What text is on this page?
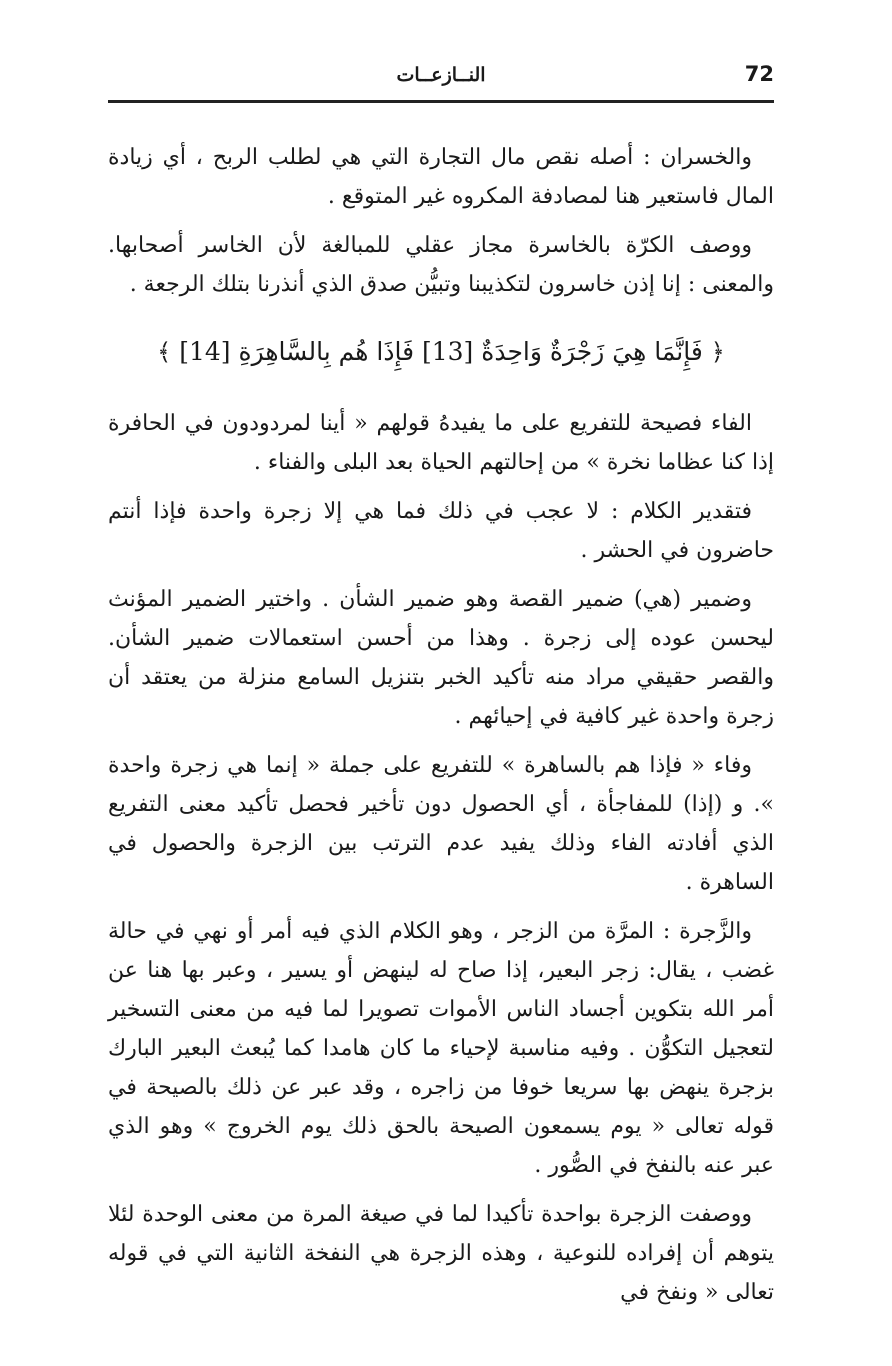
72
النــازعــات

والخسران : أصله نقص مال التجارة التي هي لطلب الربح ، أي زيادة المال فاستعير هنا لمصادفة المكروه غير المتوقع .

ووصف الكرّة بالخاسرة مجاز عقلي للمبالغة لأن الخاسر أصحابها. والمعنى : إنا إذن خاسرون لتكذيبنا وتبيُّن صدق الذي أنذرنا بتلك الرجعة .

﴿ فَإِنَّمَا هِيَ زَجْرَةٌ وَاحِدَةٌ [13] فَإِذَا هُم بِالسَّاهِرَةِ [14] ﴾

الفاء فصيحة للتفريع على ما يفيدهُ قولهم « أينا لمردودون في الحافرة إذا كنا عظاما نخرة » من إحالتهم الحياة بعد البلى والفناء .

فتقدير الكلام : لا عجب في ذلك فما هي إلا زجرة واحدة فإذا أنتم حاضرون في الحشر .

وضمير (هي) ضمير القصة وهو ضمير الشأن . واختير الضمير المؤنث ليحسن عوده إلى زجرة . وهذا من أحسن استعمالات ضمير الشأن. والقصر حقيقي مراد منه تأكيد الخبر بتنزيل السامع منزلة من يعتقد أن زجرة واحدة غير كافية في إحيائهم .

وفاء « فإذا هم بالساهرة » للتفريع على جملة « إنما هي زجرة واحدة ». و (إذا) للمفاجأة ، أي الحصول دون تأخير فحصل تأكيد معنى التفريع الذي أفادته الفاء وذلك يفيد عدم الترتب بين الزجرة والحصول في الساهرة .

والزَّجرة : المرَّة من الزجر ، وهو الكلام الذي فيه أمر أو نهي في حالة غضب ، يقال: زجر البعير، إذا صاح له لينهض أو يسير ، وعبر بها هنا عن أمر الله بتكوين أجساد الناس الأموات تصويرا لما فيه من معنى التسخير لتعجيل التكوُّن . وفيه مناسبة لإحياء ما كان هامدا كما يُبعث البعير البارك بزجرة ينهض بها سريعا خوفا من زاجره ، وقد عبر عن ذلك بالصيحة في قوله تعالى « يوم يسمعون الصيحة بالحق ذلك يوم الخروج » وهو الذي عبر عنه بالنفخ في الصُّور .

ووصفت الزجرة بواحدة تأكيدا لما في صيغة المرة من معنى الوحدة لئلا يتوهم أن إفراده للنوعية ، وهذه الزجرة هي النفخة الثانية التي في قوله تعالى « ونفخ في
